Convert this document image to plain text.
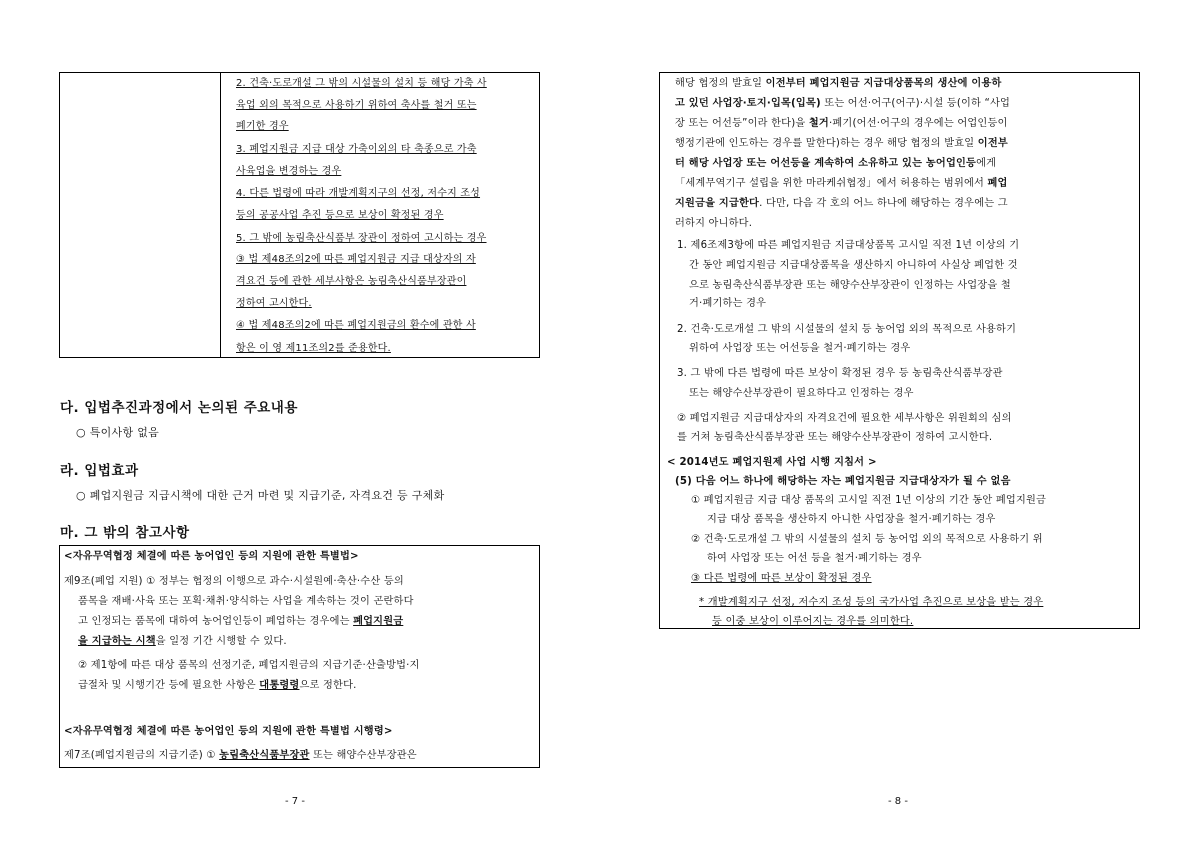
2. 건축·도로개설 그 밖의 시설물의 설치 등 해당 가축 사
육업 외의 목적으로 사용하기 위하여 축사를 철거 또는
폐기한 경우
3. 폐업지원금 지급 대상 가축이외의 타 축종으로 가축
사육업을 변경하는 경우
4. 다른 법령에 따라 개발계획지구의 선정, 저수지 조성
등의 공공사업 추진 등으로 보상이 확정된 경우
5. 그 밖에 농림축산식품부 장관이 정하여 고시하는 경우
③ 법 제48조의2에 따른 폐업지원금 지급 대상자의 자
격요건 등에 관한 세부사항은 농림축산식품부장관이
정하여 고시한다.
④ 법 제48조의2에 따른 폐업지원금의 환수에 관한 사
항은 이 영 제11조의2를 준용한다.
다. 입법추진과정에서 논의된 주요내용
○ 특이사항 없음
라. 입법효과
○ 폐업지원금 지급시책에 대한 근거 마련 및 지급기준, 자격요건 등 구체화
마. 그 밖의 참고사항
<자유무역협정 체결에 따른 농어업인 등의 지원에 관한 특별법>
제9조(폐업 지원) ① 정부는 협정의 이행으로 과수·시설원예·축산·수산 등의
품목을 재배·사육 또는 포획·채취·양식하는 사업을 계속하는 것이 곤란하다
고 인정되는 품목에 대하여 농어업인등이 폐업하는 경우에는 폐업지원금
을 지급하는 시책을 일정 기간 시행할 수 있다.
② 제1항에 따른 대상 품목의 선정기준, 폐업지원금의 지급기준·산출방법·지
급절차 및 시행기간 등에 필요한 사항은 대통령령으로 정한다.
<자유무역협정 체결에 따른 농어업인 등의 지원에 관한 특별법 시행령>
제7조(폐업지원금의 지급기준) ① 농림축산식품부장관 또는 해양수산부장관은
- 7 -
해당 협정의 발효일 이전부터 폐업지원금 지급대상품목의 생산에 이용하
고 있던 사업장·토지·입목(입목) 또는 어선·어구(어구)·시설 등(이하 “사업
장 또는 어선등”이라 한다)을 철거·폐기(어선·어구의 경우에는 어업인등이
행정기관에 인도하는 경우를 말한다)하는 경우 해당 협정의 발효일 이전부
터 해당 사업장 또는 어선등을 계속하여 소유하고 있는 농어업인등에게
「세계무역기구 설립을 위한 마라케쉬협정」에서 허용하는 범위에서 폐업
지원금을 지급한다. 다만, 다음 각 호의 어느 하나에 해당하는 경우에는 그
러하지 아니하다.
1. 제6조제3항에 따른 폐업지원금 지급대상품목 고시일 직전 1년 이상의 기
간 동안 폐업지원금 지급대상품목을 생산하지 아니하여 사실상 폐업한 것
으로 농림축산식품부장관 또는 해양수산부장관이 인정하는 사업장을 철
거·폐기하는 경우
2. 건축·도로개설 그 밖의 시설물의 설치 등 농어업 외의 목적으로 사용하기
위하여 사업장 또는 어선등을 철거·폐기하는 경우
3. 그 밖에 다른 법령에 따른 보상이 확정된 경우 등 농림축산식품부장관
또는 해양수산부장관이 필요하다고 인정하는 경우
② 폐업지원금 지급대상자의 자격요건에 필요한 세부사항은 위원회의 심의
를 거쳐 농림축산식품부장관 또는 해양수산부장관이 정하여 고시한다.
< 2014년도 폐업지원제 사업 시행 지침서 >
(5) 다음 어느 하나에 해당하는 자는 폐업지원금 지급대상자가 될 수 없음
① 폐업지원금 지급 대상 품목의 고시일 직전 1년 이상의 기간 동안 폐업지원금
지급 대상 품목을 생산하지 아니한 사업장을 철거·폐기하는 경우
② 건축·도로개설 그 밖의 시설물의 설치 등 농어업 외의 목적으로 사용하기 위
하여 사업장 또는 어선 등을 철거·폐기하는 경우
③ 다른 법령에 따른 보상이 확정된 경우
* 개발계획지구 선정, 저수지 조성 등의 국가사업 추진으로 보상을 받는 경우
등 이중 보상이 이루어지는 경우를 의미한다.
- 8 -
